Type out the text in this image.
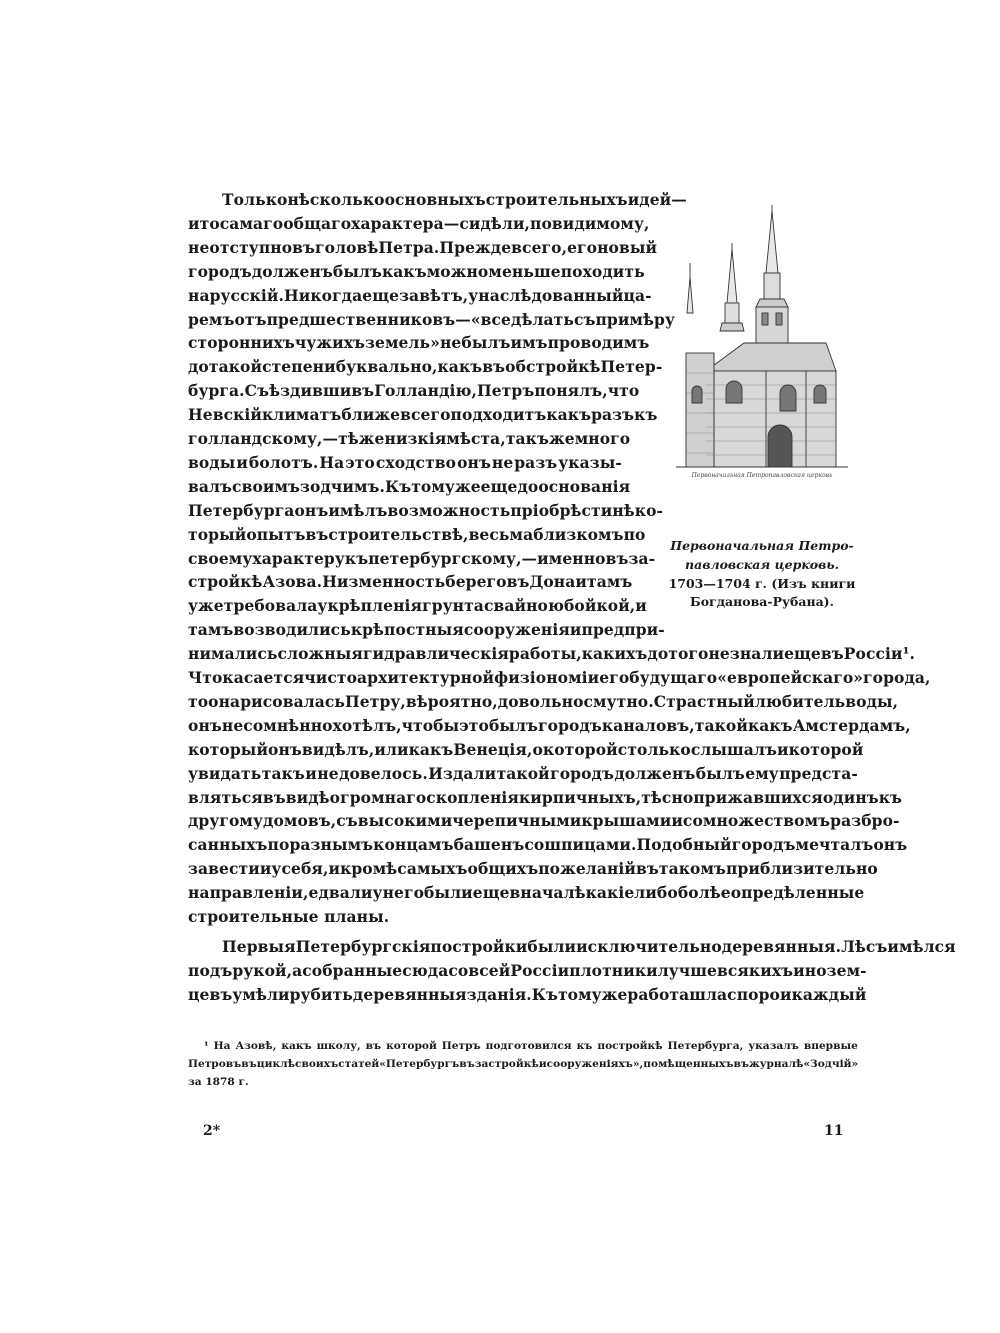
Только нѣсколько основныхъ строительныхъ идей—
и то самаго общаго характера—сидѣли, повидимому,
неотступно въ головѣ Петра. Прежде всего, его новый
городъ долженъ былъ какъ можно меньше походить
на русскій. Никогда еще завѣтъ, унаслѣдованный ца-
ремъ отъ предшественниковъ—«все дѣлать съ примѣру
стороннихъ чужихъ земель» не былъ имъ проводимъ
до такой степени буквально, какъ въ обстройкѣ Петер-
бурга. Съѣздивши въ Голландію, Петръ понялъ, что
Невскій климатъ ближе всего подходитъ какъ разъ къ
голландскому,—тѣ же низкія мѣста, такъ же много
воды и болотъ. На это сходство онъ не разъ указы-
валъ своимъ зодчимъ. Къ тому же еще до основанія
Петербурга онъ имѣлъ возможность пріобрѣсти нѣко-
торый опытъ въ строительствѣ, весьма близкомъ по
своему характеру къ петербургскому,—именно въ за-
стройкѣ Азова. Низменность береговъ Дона и тамъ
уже требовала укрѣпленія грунта свайною бойкой, и
тамъ возводились крѣпостныя сооруженія и предпри-
нимались сложныя гидравлическія работы, какихъ до того не знали еще въ Россіи ¹.
Что касается чисто архитектурной физіономіи его будущаго «европейскаго» города,
то она рисовалась Петру, вѣроятно, довольно смутно. Страстный любитель воды,
онъ несомнѣнно хотѣлъ, чтобы это былъ городъ каналовъ, такой какъ Амстердамъ,
который онъ видѣлъ, или какъ Венеція, о которой столько слышалъ и которой
увидать такъ и не довелось. Издали такой городъ долженъ былъ ему предста-
вляться въ видѣ огромнаго скопленія кирпичныхъ, тѣсно прижавшихся одинъ къ
другому домовъ, съ высокими черепичными крышами и со множествомъ разбро-
санныхъ по разнымъ концамъ башенъ со шпицами. Подобный городъ мечталъ онъ
завести и у себя, и кромѣ самыхъ общихъ пожеланій въ такомъ приблизительно
направленіи, едва ли у него были еще вначалѣ какіе либо болѣе опредѣленные
строительные планы.
Первыя Петербургскія постройки были исключительно деревянныя. Лѣсъ имѣлся
подъ рукой, а собранные сюда со всей Россіи плотники лучше всякихъ инозем-
цевъ умѣли рубить деревянныя зданія. Къ тому же работа шла споро и каждый
Первоначальная Петропавловская церковь
Первоначальная Петро-
павловская церковь.
1703—1704 г. (Изъ книги
Богданова-Рубана).
¹ На Азовѣ, какъ школу, въ которой Петръ подготовился къ постройкѣ Петербурга, указалъ впервые
Петровъ въ циклѣ своихъ статей «Петербургъ въ застройкѣ и сооруженіяхъ», помѣщенныхъ въ журналѣ «Зодчій»
за 1878 г.
2*	11
